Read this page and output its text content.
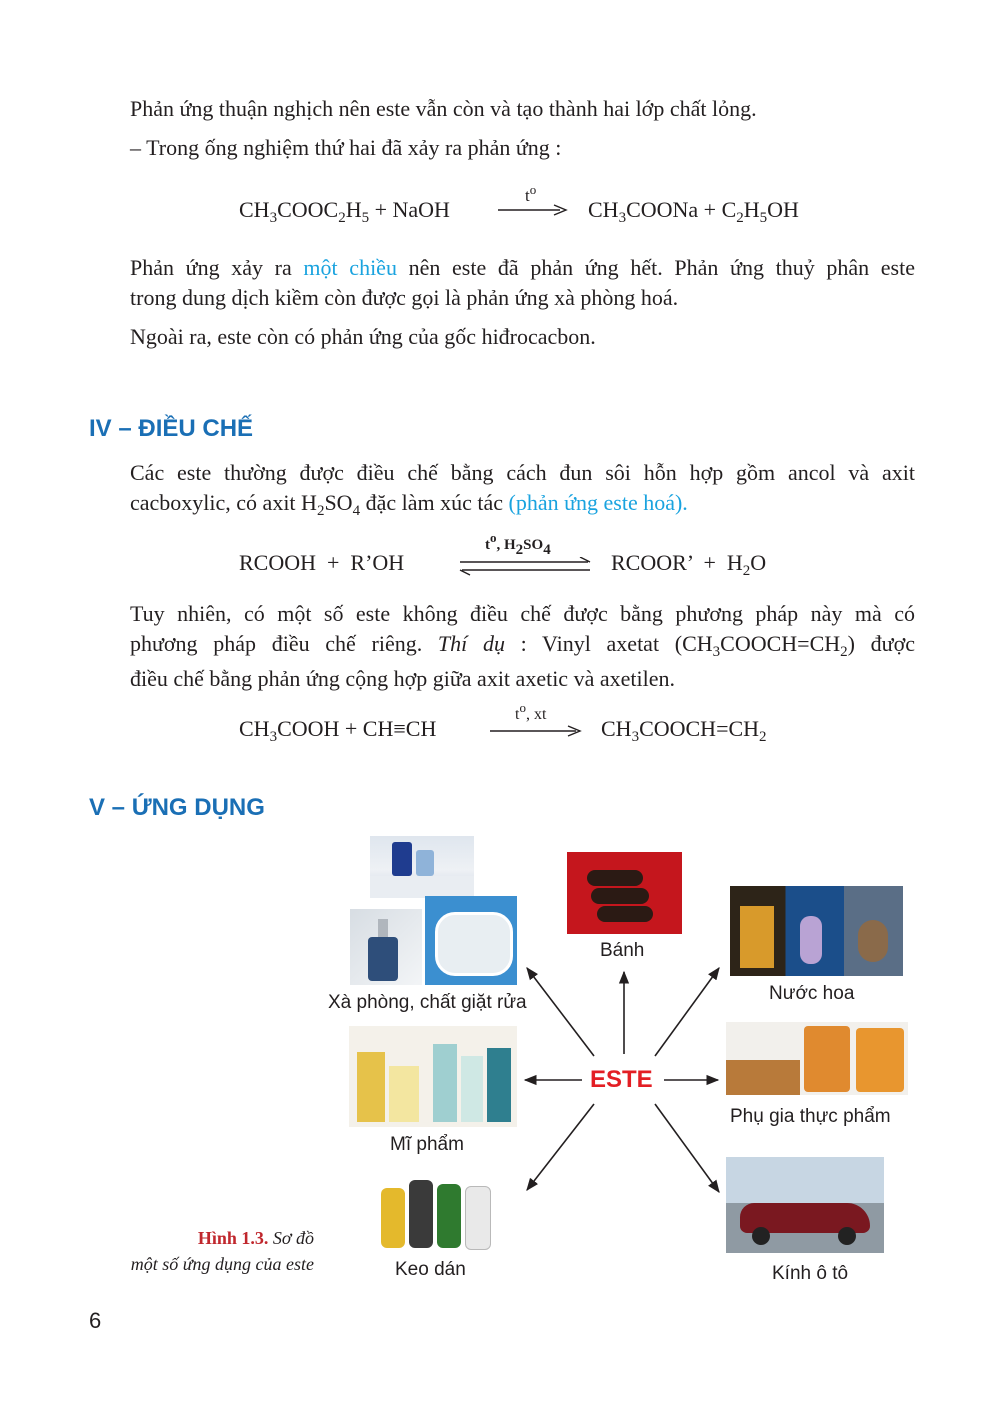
Phản ứng thuận nghịch nên este vẫn còn và tạo thành hai lớp chất lỏng.
– Trong ống nghiệm thứ hai đã xảy ra phản ứng :
$CH_3COOC_2H_5$ + NaOH
$t^o$
$CH_3COONa + C_2H_5OH$
Phản ứng xảy ra một chiều nên este đã phản ứng hết. Phản ứng thuỷ phân este
trong dung dịch kiềm còn được gọi là phản ứng xà phòng hoá.
Ngoài ra, este còn có phản ứng của gốc hiđrocacbon.
IV – ĐIỀU CHẾ
Các este thường được điều chế bằng cách đun sôi hỗn hợp gồm ancol và axit
cacboxylic, có axit $H_2SO_4$ đặc làm xúc tác (phản ứng este hoá).
RCOOH  +  R’OH
$t^o$, $H_2SO_4$	RCOOR’  +  $H_2O$
Tuy nhiên, có một số este không điều chế được bằng phương pháp này mà có
phương pháp điều chế riêng. Thí dụ : Vinyl axetat $(CH_3COOCH=CH_2)$ được
điều chế bằng phản ứng cộng hợp giữa axit axetic và axetilen.
$CH_3COOH + CH\equiv CH$
$t^o$, xt
$CH_3COOCH=CH_2$
V – ỨNG DỤNG
ESTE
Xà phòng, chất giặt rửa
Bánh
Nước hoa
Mĩ phẩm
Phụ gia thực phẩm
Keo dán	Kính ô tô
Hình 1.3. Sơ đồ
một số ứng dụng của este
6
